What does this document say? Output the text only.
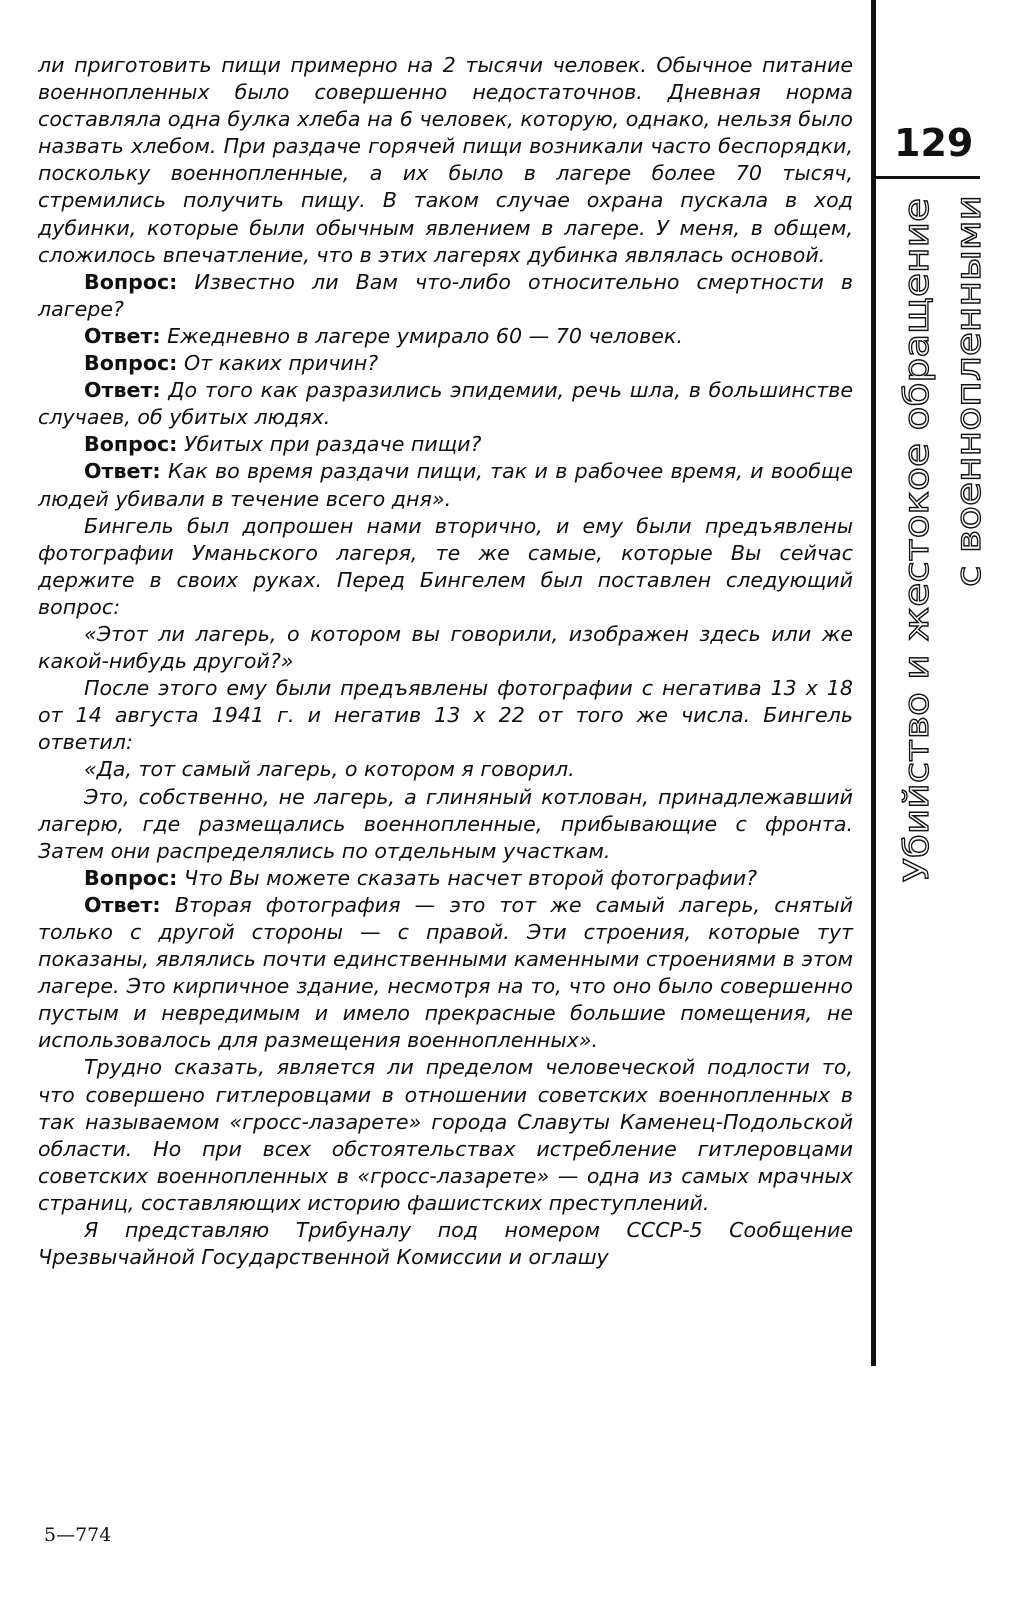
ли приготовить пищи примерно на 2 тысячи человек. Обычное питание военнопленных было совершенно недостаточнов. Дневная норма составляла одна булка хлеба на 6 человек, которую, однако, нельзя было назвать хлебом. При раздаче горячей пищи возникали часто беспорядки, поскольку военнопленные, а их было в лагере более 70 тысяч, стремились получить пищу. В таком случае охрана пускала в ход дубинки, которые были обычным явлением в лагере. У меня, в общем, сложилось впечатление, что в этих лагерях дубинка являлась основой.

Вопрос: Известно ли Вам что-либо относительно смертности в лагере?

Ответ: Ежедневно в лагере умирало 60 — 70 человек.

Вопрос: От каких причин?

Ответ: До того как разразились эпидемии, речь шла, в большинстве случаев, об убитых людях.

Вопрос: Убитых при раздаче пищи?

Ответ: Как во время раздачи пищи, так и в рабочее время, и вообще людей убивали в течение всего дня».

Бингель был допрошен нами вторично, и ему были предъявлены фотографии Уманьского лагеря, те же самые, которые Вы сейчас держите в своих руках. Перед Бингелем был поставлен следующий вопрос:

«Этот ли лагерь, о котором вы говорили, изображен здесь или же какой-нибудь другой?»

После этого ему были предъявлены фотографии с негатива 13 х 18 от 14 августа 1941 г. и негатив 13 х 22 от того же числа. Бингель ответил:

«Да, тот самый лагерь, о котором я говорил.

Это, собственно, не лагерь, а глиняный котлован, принадлежавший лагерю, где размещались военнопленные, прибывающие с фронта. Затем они распределялись по отдельным участкам.

Вопрос: Что Вы можете сказать насчет второй фотографии?

Ответ: Вторая фотография — это тот же самый лагерь, снятый только с другой стороны — с правой. Эти строения, которые тут показаны, являлись почти единственными каменными строениями в этом лагере. Это кирпичное здание, несмотря на то, что оно было совершенно пустым и невредимым и имело прекрасные большие помещения, не использовалось для размещения военнопленных».

Трудно сказать, является ли пределом человеческой подлости то, что совершено гитлеровцами в отношении советских военнопленных в так называемом «гросс-лазарете» города Славуты Каменец-Подольской области. Но при всех обстоятельствах истребление гитлеровцами советских военнопленных в «гросс-лазарете» — одна из самых мрачных страниц, составляющих историю фашистских преступлений.

Я представляю Трибуналу под номером СССР-5 Сообщение Чрезвычайной Государственной Комиссии и оглашу

129
Убийство и жестокое обращение с военнопленными
5—774
